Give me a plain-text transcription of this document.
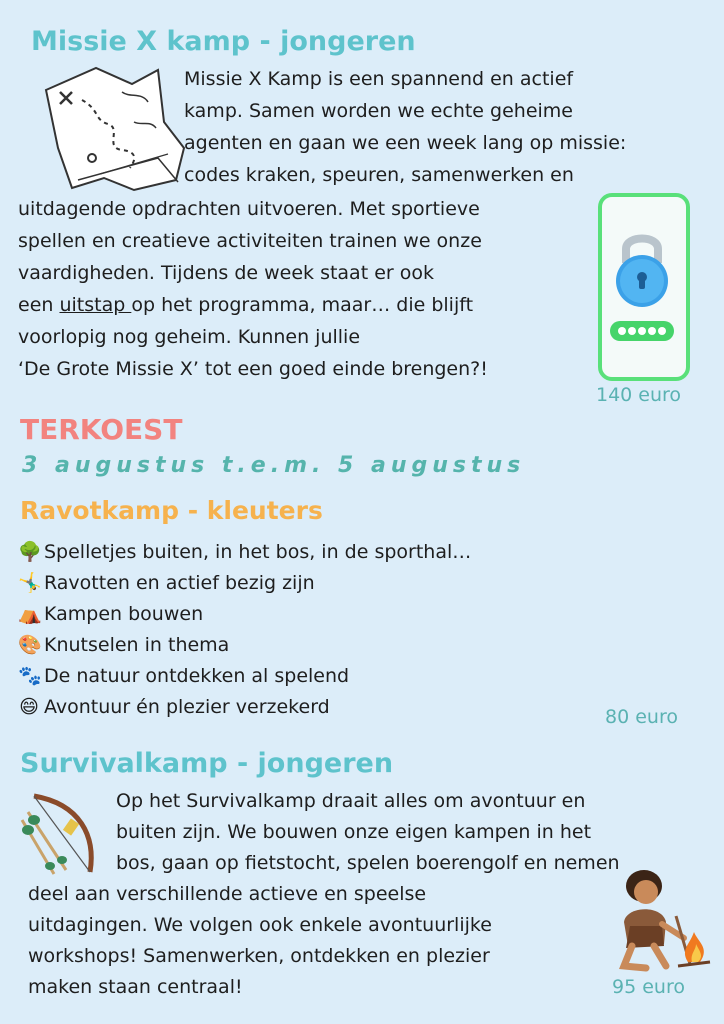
Missie X kamp - jongeren
Missie X Kamp is een spannend en actief
kamp. Samen worden we echte geheime
agenten en gaan we een week lang op missie:
codes kraken, speuren, samenwerken en
uitdagende opdrachten uitvoeren. Met sportieve
spellen en creatieve activiteiten trainen we onze
vaardigheden. Tijdens de week staat er ook
een uitstap op het programma, maar… die blijft
voorlopig nog geheim. Kunnen jullie
‘De Grote Missie X’ tot een goed einde brengen?!
140 euro
TERKOEST
3 augustus t.e.m. 5 augustus
Ravotkamp - kleuters
🌳 Spelletjes buiten, in het bos, in de sporthal…
🤸‍♂️ Ravotten en actief bezig zijn
⛺ Kampen bouwen
🎨 Knutselen in thema
🐾 De natuur ontdekken al spelend
😄 Avontuur én plezier verzekerd	80 euro
Survivalkamp - jongeren
Op het Survivalkamp draait alles om avontuur en
buiten zijn. We bouwen onze eigen kampen in het
bos, gaan op fietstocht, spelen boerengolf en nemen
deel aan verschillende actieve en speelse
uitdagingen. We volgen ook enkele avontuurlijke
workshops! Samenwerken, ontdekken en plezier
maken staan centraal!	95 euro
